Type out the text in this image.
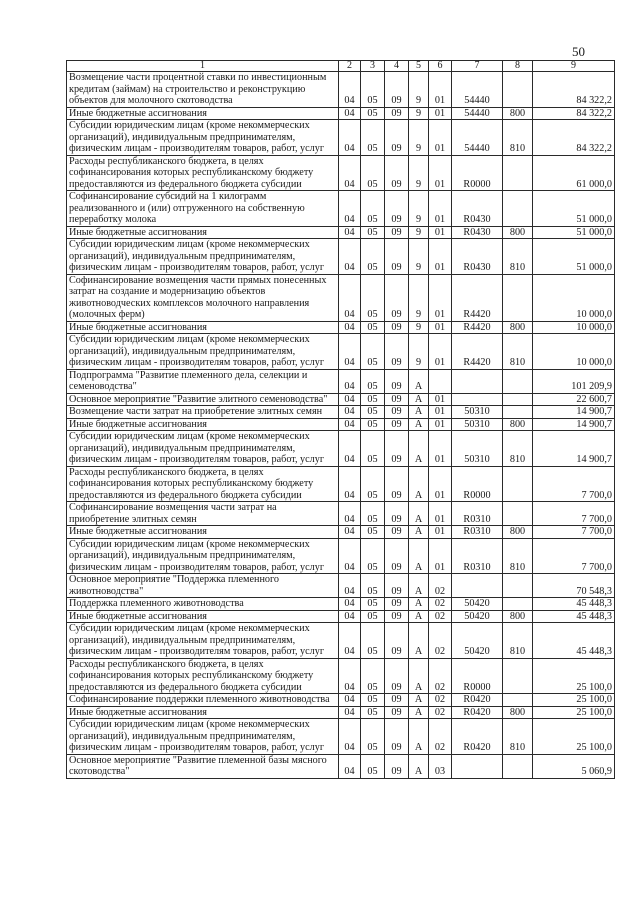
50
1	2	3	4	5	6	7	8	9
Возмещение части процентной ставки по инвестиционным кредитам (займам) на строительство и реконструкцию объектов для молочного скотоводства	04	05	09	9	01	54440		84 322,2
Иные бюджетные ассигнования	04	05	09	9	01	54440	800	84 322,2
Субсидии юридическим лицам (кроме некоммерческих организаций), индивидуальным предпринимателям, физическим лицам - производителям товаров, работ, услуг	04	05	09	9	01	54440	810	84 322,2
Расходы республиканского бюджета, в целях софинансирования которых республиканскому бюджету предоставляются из федерального бюджета субсидии	04	05	09	9	01	R0000		61 000,0
Софинансирование субсидий на 1 килограмм реализованного и (или) отгруженного на собственную переработку молока	04	05	09	9	01	R0430		51 000,0
Иные бюджетные ассигнования	04	05	09	9	01	R0430	800	51 000,0
Субсидии юридическим лицам (кроме некоммерческих организаций), индивидуальным предпринимателям, физическим лицам - производителям товаров, работ, услуг	04	05	09	9	01	R0430	810	51 000,0
Софинансирование возмещения части прямых понесенных затрат на создание и модернизацию объектов животноводческих комплексов молочного направления (молочных ферм)	04	05	09	9	01	R4420		10 000,0
Иные бюджетные ассигнования	04	05	09	9	01	R4420	800	10 000,0
Субсидии юридическим лицам (кроме некоммерческих организаций), индивидуальным предпринимателям, физическим лицам - производителям товаров, работ, услуг	04	05	09	9	01	R4420	810	10 000,0
Подпрограмма "Развитие племенного дела, селекции и семеноводства"	04	05	09	А				101 209,9
Основное мероприятие "Развитие элитного семеноводства"	04	05	09	А	01			22 600,7
Возмещение части затрат на приобретение элитных семян	04	05	09	А	01	50310		14 900,7
Иные бюджетные ассигнования	04	05	09	А	01	50310	800	14 900,7
Субсидии юридическим лицам (кроме некоммерческих организаций), индивидуальным предпринимателям, физическим лицам - производителям товаров, работ, услуг	04	05	09	А	01	50310	810	14 900,7
Расходы республиканского бюджета, в целях софинансирования которых республиканскому бюджету предоставляются из федерального бюджета субсидии	04	05	09	А	01	R0000		7 700,0
Софинансирование возмещения части затрат на приобретение элитных семян	04	05	09	А	01	R0310		7 700,0
Иные бюджетные ассигнования	04	05	09	А	01	R0310	800	7 700,0
Субсидии юридическим лицам (кроме некоммерческих организаций), индивидуальным предпринимателям, физическим лицам - производителям товаров, работ, услуг	04	05	09	А	01	R0310	810	7 700,0
Основное мероприятие "Поддержка племенного животноводства"	04	05	09	А	02			70 548,3
Поддержка племенного животноводства	04	05	09	А	02	50420		45 448,3
Иные бюджетные ассигнования	04	05	09	А	02	50420	800	45 448,3
Субсидии юридическим лицам (кроме некоммерческих организаций), индивидуальным предпринимателям, физическим лицам - производителям товаров, работ, услуг	04	05	09	А	02	50420	810	45 448,3
Расходы республиканского бюджета, в целях софинансирования которых республиканскому бюджету предоставляются из федерального бюджета субсидии	04	05	09	А	02	R0000		25 100,0
Софинансирование поддержки племенного животноводства	04	05	09	А	02	R0420		25 100,0
Иные бюджетные ассигнования	04	05	09	А	02	R0420	800	25 100,0
Субсидии юридическим лицам (кроме некоммерческих организаций), индивидуальным предпринимателям, физическим лицам - производителям товаров, работ, услуг	04	05	09	А	02	R0420	810	25 100,0
Основное мероприятие "Развитие племенной базы мясного скотоводства"	04	05	09	А	03			5 060,9
